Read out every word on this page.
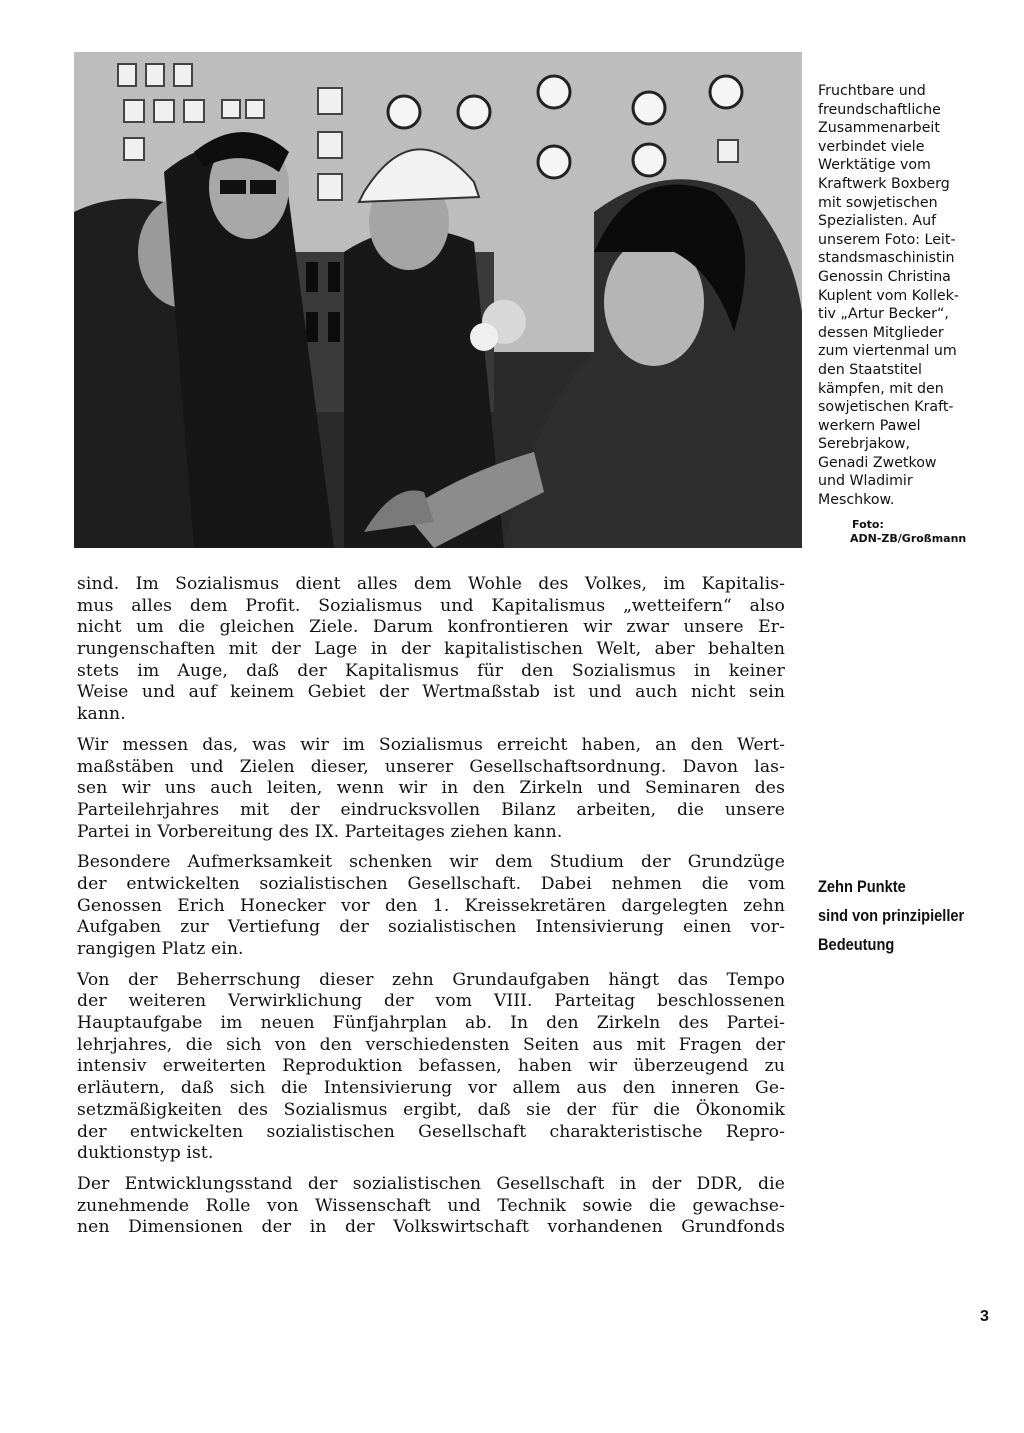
Fruchtbare und
freundschaftliche
Zusammenarbeit
verbindet viele
Werktätige vom
Kraftwerk Boxberg
mit sowjetischen
Spezialisten. Auf
unserem Foto: Leit-
standsmaschinistin
Genossin Christina
Kuplent vom Kollek-
tiv „Artur Becker“,
dessen Mitglieder
zum viertenmal um
den Staatstitel
kämpfen, mit den
sowjetischen Kraft-
werkern Pawel
Serebrjakow,
Genadi Zwetkow
und Wladimir
Meschkow.
Foto:
ADN-ZB/Großmann
sind. Im Sozialismus dient alles dem Wohle des Volkes, im Kapitalis-
mus alles dem Profit. Sozialismus und Kapitalismus „wetteifern“ also
nicht um die gleichen Ziele. Darum konfrontieren wir zwar unsere Er-
rungenschaften mit der Lage in der kapitalistischen Welt, aber behalten
stets im Auge, daß der Kapitalismus für den Sozialismus in keiner
Weise und auf keinem Gebiet der Wertmaßstab ist und auch nicht sein
kann.
Wir messen das, was wir im Sozialismus erreicht haben, an den Wert-
maßstäben und Zielen dieser, unserer Gesellschaftsordnung. Davon las-
sen wir uns auch leiten, wenn wir in den Zirkeln und Seminaren des
Parteilehrjahres mit der eindrucksvollen Bilanz arbeiten, die unsere
Partei in Vorbereitung des IX. Parteitages ziehen kann.
Besondere Aufmerksamkeit schenken wir dem Studium der Grundzüge
der entwickelten sozialistischen Gesellschaft. Dabei nehmen die vom
Genossen Erich Honecker vor den 1. Kreissekretären dargelegten zehn
Aufgaben zur Vertiefung der sozialistischen Intensivierung einen vor-
rangigen Platz ein.
Von der Beherrschung dieser zehn Grundaufgaben hängt das Tempo
der weiteren Verwirklichung der vom VIII. Parteitag beschlossenen
Hauptaufgabe im neuen Fünfjahrplan ab. In den Zirkeln des Partei-
lehrjahres, die sich von den verschiedensten Seiten aus mit Fragen der
intensiv erweiterten Reproduktion befassen, haben wir überzeugend zu
erläutern, daß sich die Intensivierung vor allem aus den inneren Ge-
setzmäßigkeiten des Sozialismus ergibt, daß sie der für die Ökonomik
der entwickelten sozialistischen Gesellschaft charakteristische Repro-
duktionstyp ist.
Der Entwicklungsstand der sozialistischen Gesellschaft in der DDR, die
zunehmende Rolle von Wissenschaft und Technik sowie die gewachse-
nen Dimensionen der in der Volkswirtschaft vorhandenen Grundfonds
Zehn Punkte
sind von prinzipieller
Bedeutung
3
